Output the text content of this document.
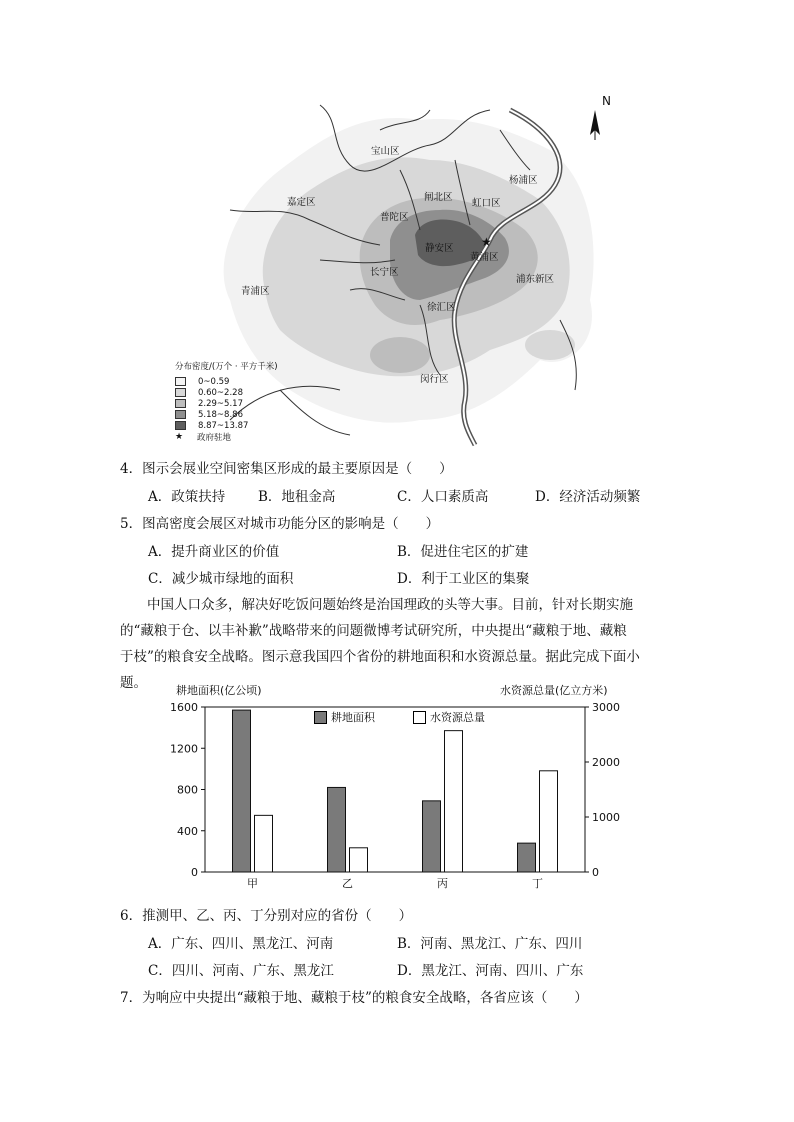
★
N
宝山区
杨浦区
嘉定区	闸北区
虹口区
普陀区
静安区
黄浦区
长宁区
浦东新区
青浦区
徐汇区
闵行区
分布密度/(万个 · 平方千米)
0~0.59
0.60~2.28
2.29~5.17
5.18~8.86
8.87~13.87
★ 政府驻地
4．图示会展业空间密集区形成的最主要原因是（　　）
A．政策扶持 B．地租金高	C．人口素质高	D．经济活动频繁
5．图高密度会展区对城市功能分区的影响是（　　）
A．提升商业区的价值	B．促进住宅区的扩建
C．减少城市绿地的面积	D．利于工业区的集聚
中国人口众多，解决好吃饭问题始终是治国理政的头等大事。目前，针对长期实施的“藏粮于仓、以丰补歉”战略带来的问题微博考试研究所，中央提出“藏粮于地、藏粮于枝”的粮食安全战略。图示意我国四个省份的耕地面积和水资源总量。据此完成下面小题。	耕地面积(亿公顷)	水资源总量(亿立方米)
0
400
800
1200
1600
0
1000
2000
3000
甲	乙	丙	丁
耕地面积	水资源总量
6．推测甲、乙、丙、丁分别对应的省份（　　）
A．广东、四川、黑龙江、河南	B．河南、黑龙江、广东、四川
C．四川、河南、广东、黑龙江	D．黑龙江、河南、四川、广东
7．为响应中央提出“藏粮于地、藏粮于枝”的粮食安全战略，各省应该（　　）
